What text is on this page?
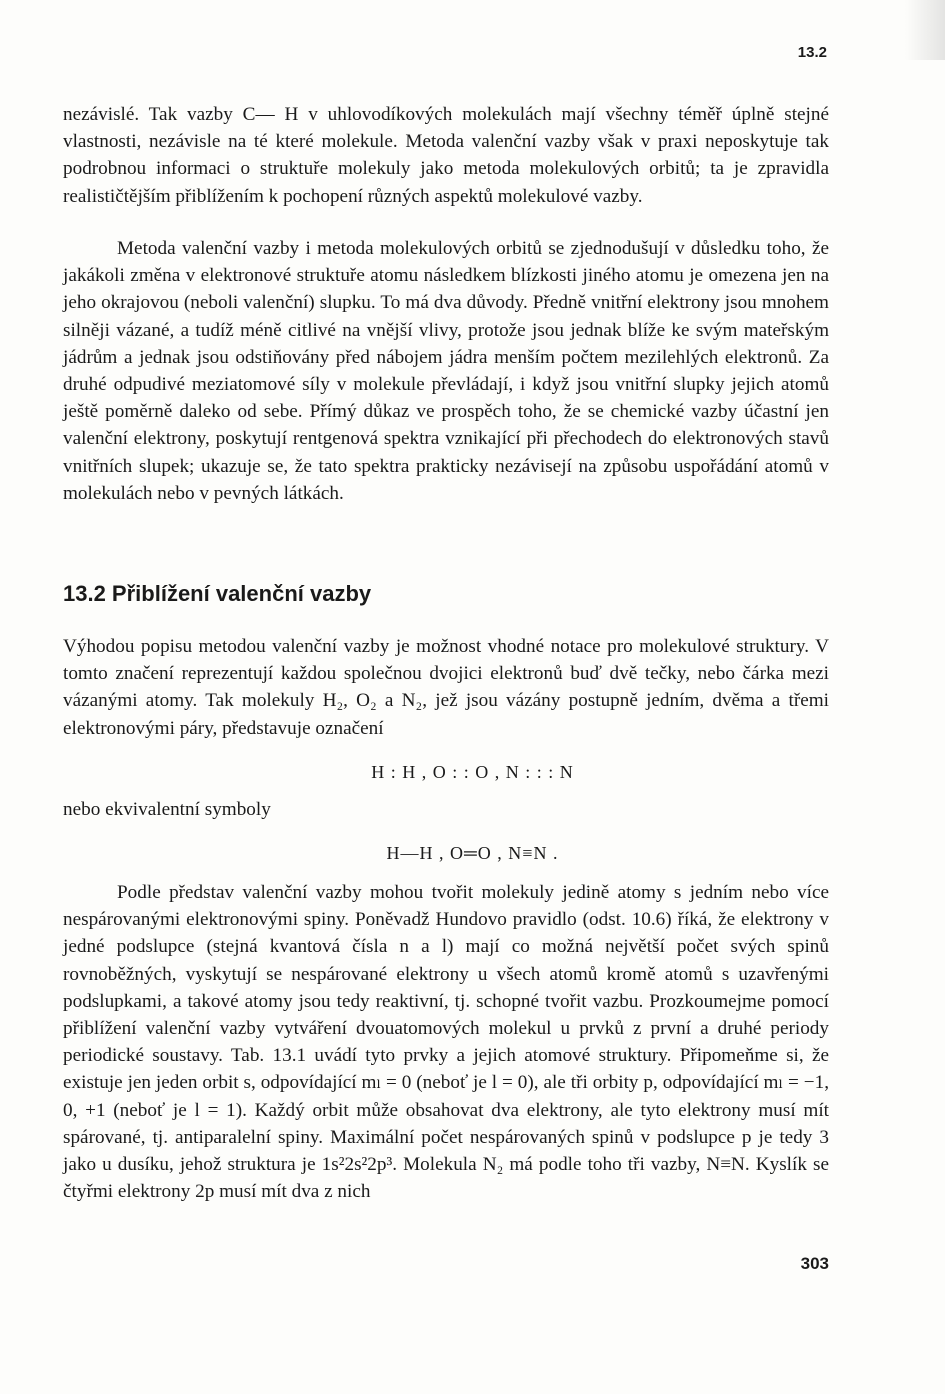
13.2

nezávislé. Tak vazby C— H v uhlovodíkových molekulách mají všechny téměř úplně stejné vlastnosti, nezávisle na té které molekule. Metoda valenční vazby však v praxi neposkytuje tak podrobnou informaci o struktuře molekuly jako metoda molekulových orbitů; ta je zpravidla realističtějším přiblížením k pochopení různých aspektů molekulové vazby.

Metoda valenční vazby i metoda molekulových orbitů se zjednodušují v důsledku toho, že jakákoli změna v elektronové struktuře atomu následkem blízkosti jiného atomu je omezena jen na jeho okrajovou (neboli valenční) slupku. To má dva důvody. Předně vnitřní elektrony jsou mnohem silněji vázané, a tudíž méně citlivé na vnější vlivy, protože jsou jednak blíže ke svým mateřským jádrům a jednak jsou odstiňovány před nábojem jádra menším počtem mezilehlých elektronů. Za druhé odpudivé meziatomové síly v molekule převládají, i když jsou vnitřní slupky jejich atomů ještě poměrně daleko od sebe. Přímý důkaz ve prospěch toho, že se chemické vazby účastní jen valenční elektrony, poskytují rentgenová spektra vznikající při přechodech do elektronových stavů vnitřních slupek; ukazuje se, že tato spektra prakticky nezávisejí na způsobu uspořádání atomů v molekulách nebo v pevných látkách.

13.2 Přiblížení valenční vazby

Výhodou popisu metodou valenční vazby je možnost vhodné notace pro molekulové struktury. V tomto značení reprezentují každou společnou dvojici elektronů buď dvě tečky, nebo čárka mezi vázanými atomy. Tak molekuly H₂, O₂ a N₂, jež jsou vázány postupně jedním, dvěma a třemi elektronovými páry, představuje označení

H : H , O : : O , N : : : N
nebo ekvivalentní symboly
H—H , O═O , N≡N .

Podle představ valenční vazby mohou tvořit molekuly jedině atomy s jedním nebo více nespárovanými elektronovými spiny. Poněvadž Hundovo pravidlo (odst. 10.6) říká, že elektrony v jedné podslupce (stejná kvantová čísla n a l) mají co možná největší počet svých spinů rovnoběžných, vyskytují se nespárované elektrony u všech atomů kromě atomů s uzavřenými podslupkami, a takové atomy jsou tedy reaktivní, tj. schopné tvořit vazbu. Prozkoumejme pomocí přiblížení valenční vazby vytváření dvouatomových molekul u prvků z první a druhé periody periodické soustavy. Tab. 13.1 uvádí tyto prvky a jejich atomové struktury. Připomeňme si, že existuje jen jeden orbit s, odpovídající mₗ = 0 (neboť je l = 0), ale tři orbity p, odpovídající mₗ = −1, 0, +1 (neboť je l = 1). Každý orbit může obsahovat dva elektrony, ale tyto elektrony musí mít spárované, tj. antiparalelní spiny. Maximální počet nespárovaných spinů v podslupce p je tedy 3 jako u dusíku, jehož struktura je 1s²2s²2p³. Molekula N₂ má podle toho tři vazby, N≡N. Kyslík se čtyřmi elektrony 2p musí mít dva z nich

303
